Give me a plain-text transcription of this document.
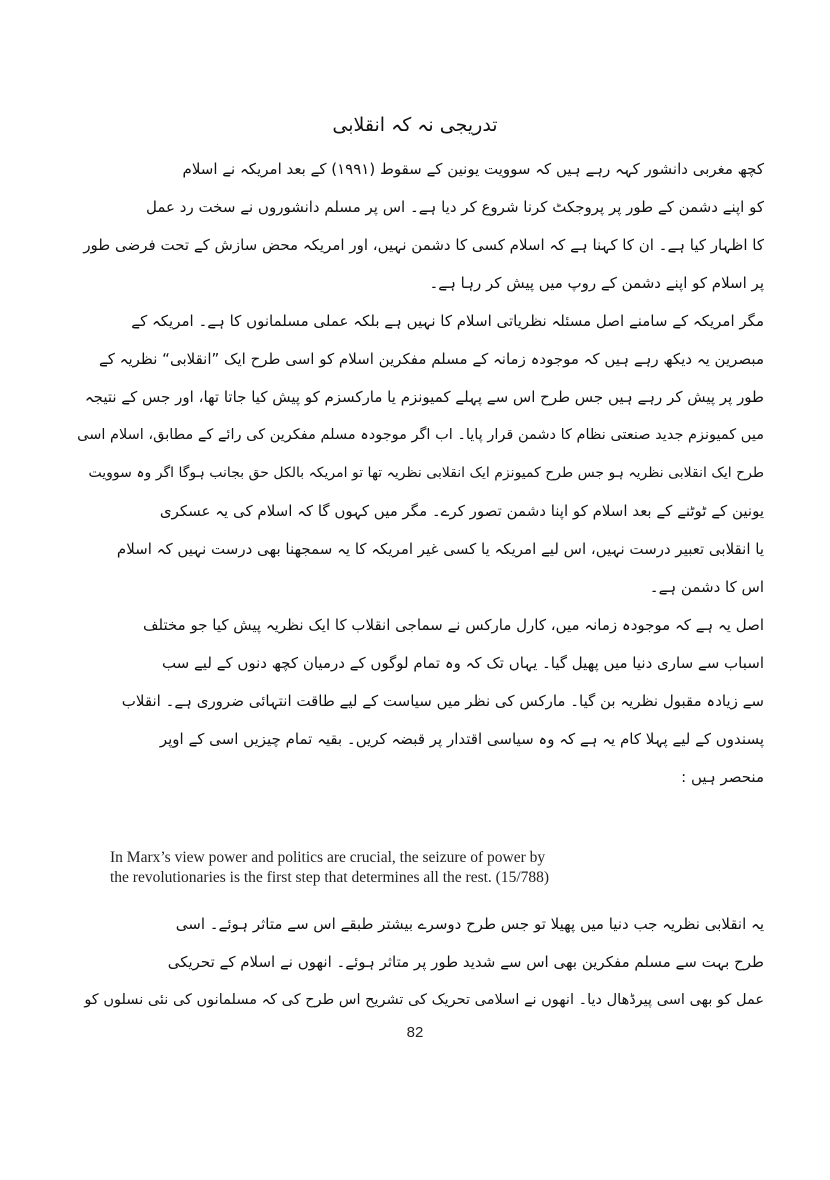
تدریجی نہ کہ انقلابی
کچھ مغربی دانشور کہہ رہے ہیں کہ سوویت یونین کے سقوط (۱۹۹۱) کے بعد امریکہ نے اسلام
کو اپنے دشمن کے طور پر پروجکٹ کرنا شروع کر دیا ہے۔ اس پر مسلم دانشوروں نے سخت رد عمل
کا اظہار کیا ہے۔ ان کا کہنا ہے کہ اسلام کسی کا دشمن نہیں، اور امریکہ محض سازش کے تحت فرضی طور
پر اسلام کو اپنے دشمن کے روپ میں پیش کر رہا ہے۔
مگر امریکہ کے سامنے اصل مسئلہ نظریاتی اسلام کا نہیں ہے بلکہ عملی مسلمانوں کا ہے۔ امریکہ کے
مبصرین یہ دیکھ رہے ہیں کہ موجودہ زمانہ کے مسلم مفکرین اسلام کو اسی طرح ایک ”انقلابی“ نظریہ کے
طور پر پیش کر رہے ہیں جس طرح اس سے پہلے کمیونزم یا مارکسزم کو پیش کیا جاتا تھا، اور جس کے نتیجہ
میں کمیونزم جدید صنعتی نظام کا دشمن قرار پایا۔ اب اگر موجودہ مسلم مفکرین کی رائے کے مطابق، اسلام اسی
طرح ایک انقلابی نظریہ ہو جس طرح کمیونزم ایک انقلابی نظریہ تھا تو امریکہ بالکل حق بجانب ہوگا اگر وہ سوویت
یونین کے ٹوٹنے کے بعد اسلام کو اپنا دشمن تصور کرے۔ مگر میں کہوں گا کہ اسلام کی یہ عسکری
یا انقلابی تعبیر درست نہیں، اس لیے امریکہ یا کسی غیر امریکہ کا یہ سمجھنا بھی درست نہیں کہ اسلام
اس کا دشمن ہے۔
اصل یہ ہے کہ موجودہ زمانہ میں، کارل مارکس نے سماجی انقلاب کا ایک نظریہ پیش کیا جو مختلف
اسباب سے ساری دنیا میں پھیل گیا۔ یہاں تک کہ وہ تمام لوگوں کے درمیان کچھ دنوں کے لیے سب
سے زیادہ مقبول نظریہ بن گیا۔ مارکس کی نظر میں سیاست کے لیے طاقت انتہائی ضروری ہے۔ انقلاب
پسندوں کے لیے پہلا کام یہ ہے کہ وہ سیاسی اقتدار پر قبضہ کریں۔ بقیہ تمام چیزیں اسی کے اوپر
منحصر ہیں :
In Marx’s view power and politics are crucial, the seizure of power by
the revolutionaries is the first step that determines all the rest. (15/788)
یہ انقلابی نظریہ جب دنیا میں پھیلا تو جس طرح دوسرے بیشتر طبقے اس سے متاثر ہوئے۔ اسی
طرح بہت سے مسلم مفکرین بھی اس سے شدید طور پر متاثر ہوئے۔ انھوں نے اسلام کے تحریکی
عمل کو بھی اسی پیرڈھال دیا۔ انھوں نے اسلامی تحریک کی تشریح اس طرح کی کہ مسلمانوں کی نئی نسلوں کو
82
